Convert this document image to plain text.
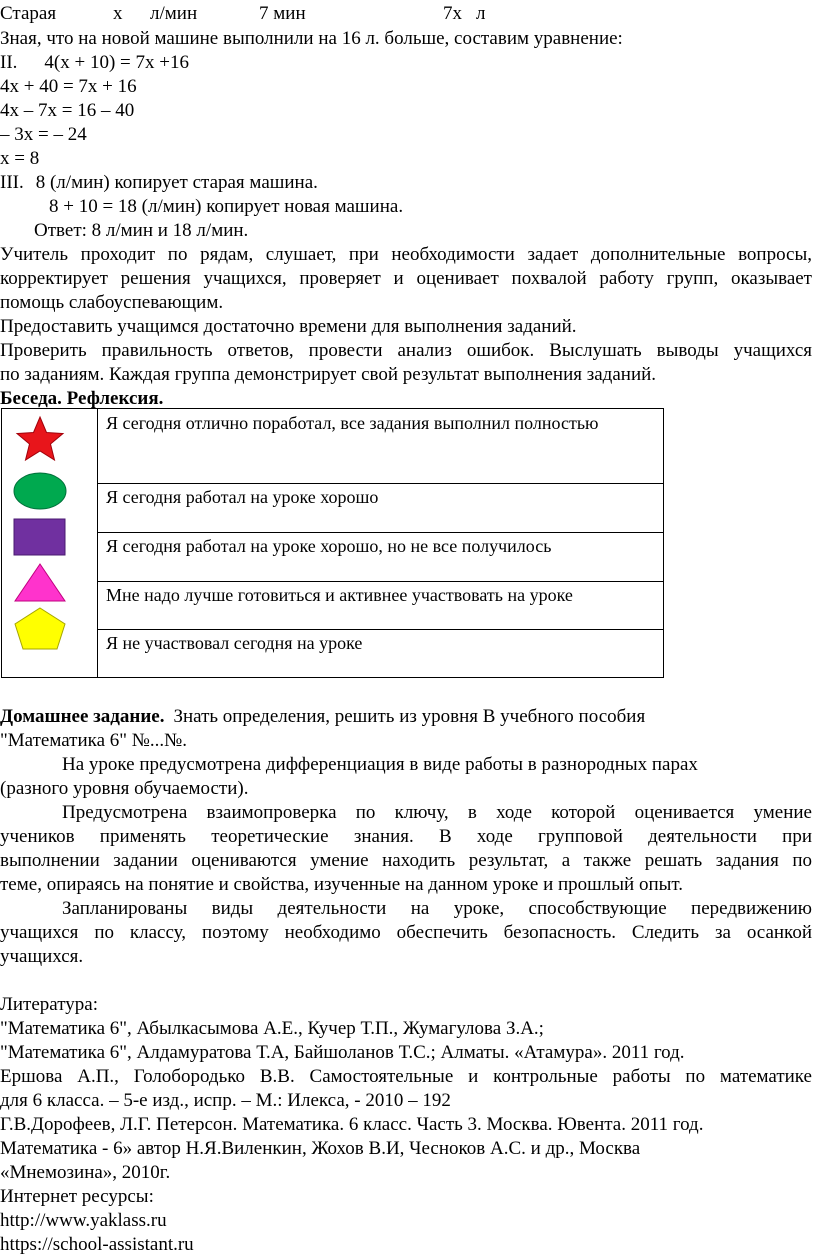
Старая	х л/мин	7 мин	7х л
Зная, что на новой машине выполнили на 16 л. больше, составим уравнение:
II. 4(х + 10) = 7х +16
4х + 40 = 7х + 16
4х – 7х = 16 – 40
– 3х = – 24
х = 8
III. 8 (л/мин) копирует старая машина.
8 + 10 = 18 (л/мин) копирует новая машина.
Ответ: 8 л/мин и 18 л/мин.
Учитель проходит по рядам, слушает, при необходимости задает дополнительные вопросы,
корректирует решения учащихся, проверяет и оценивает похвалой работу групп, оказывает
помощь слабоуспевающим.
Предоставить учащимся достаточно времени для выполнения заданий.
Проверить правильность ответов, провести анализ ошибок. Выслушать выводы учащихся
по заданиям. Каждая группа демонстрирует свой результат выполнения заданий.
Беседа. Рефлексия.
Я сегодня отлично поработал, все задания выполнил полностью
Я сегодня работал на уроке хорошо
Я сегодня работал на уроке хорошо, но не все получилось
Мне надо лучше готовиться и активнее участвовать на уроке
Я не участвовал сегодня на уроке
Домашнее задание. Знать определения, решить из уровня В учебного пособия
"Математика 6" №...№.
На уроке предусмотрена дифференциация в виде работы в разнородных парах
(разного уровня обучаемости).
Предусмотрена взаимопроверка по ключу, в ходе которой оценивается умение
учеников применять теоретические знания. В ходе групповой деятельности при
выполнении задании оцениваются умение находить результат, а также решать задания по
теме, опираясь на понятие и свойства, изученные на данном уроке и прошлый опыт.
Запланированы виды деятельности на уроке, способствующие передвижению
учащихся по классу, поэтому необходимо обеспечить безопасность. Следить за осанкой
учащихся.
Литература:
"Математика 6", Абылкасымова А.Е., Кучер Т.П., Жумагулова З.А.;
"Математика 6", Алдамуратова Т.А, Байшоланов Т.С.; Алматы. «Атамура». 2011 год.
Ершова А.П., Голобородько В.В. Самостоятельные и контрольные работы по математике
для 6 класса. – 5-е изд., испр. – М.: Илекса, - 2010 – 192
Г.В.Дорофеев, Л.Г. Петерсон. Математика. 6 класс. Часть 3. Москва. Ювента. 2011 год.
Математика - 6» автор Н.Я.Виленкин, Жохов В.И, Чесноков А.С. и др., Москва
«Мнемозина», 2010г.
Интернет ресурсы:
http://www.yaklass.ru
https://school-assistant.ru
